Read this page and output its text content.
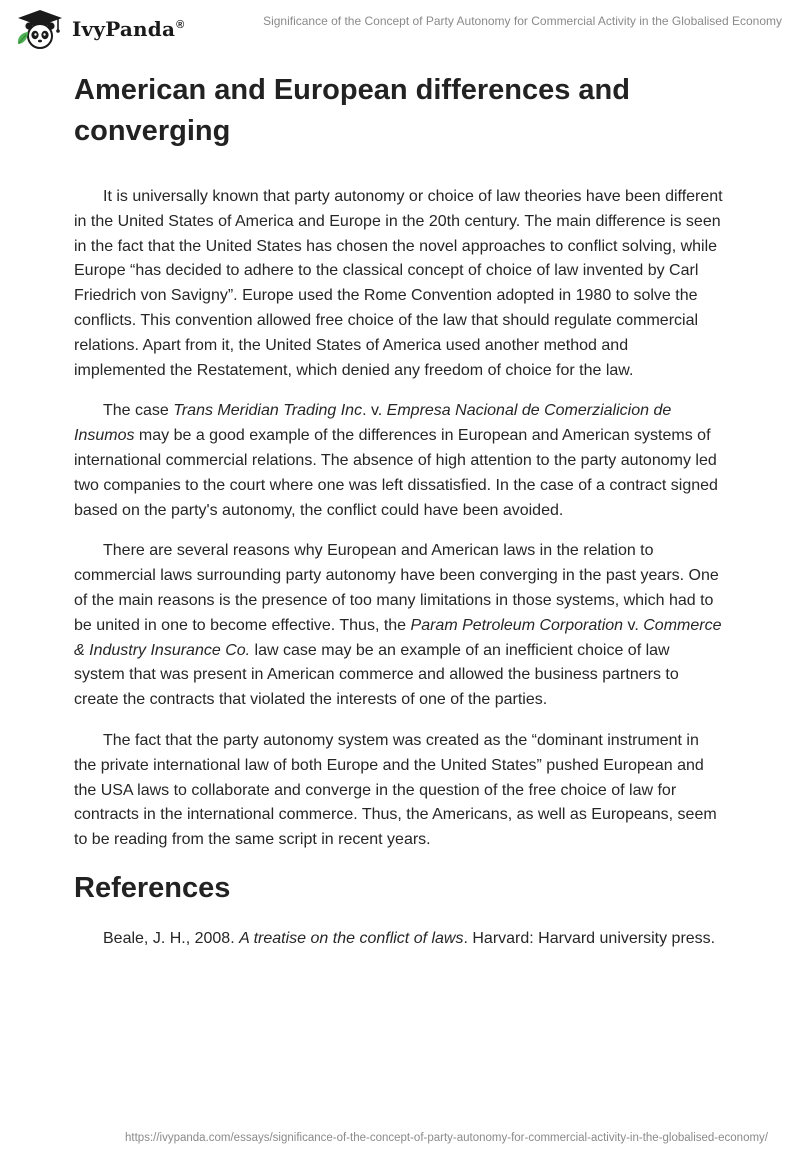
IvyPanda®	Significance of the Concept of Party Autonomy for Commercial Activity in the Globalised Economy
American and European differences and converging

It is universally known that party autonomy or choice of law theories have been different in the United States of America and Europe in the 20th century. The main difference is seen in the fact that the United States has chosen the novel approaches to conflict solving, while Europe “has decided to adhere to the classical concept of choice of law invented by Carl Friedrich von Savigny”. Europe used the Rome Convention adopted in 1980 to solve the conflicts. This convention allowed free choice of the law that should regulate commercial relations. Apart from it, the United States of America used another method and implemented the Restatement, which denied any freedom of choice for the law.

The case Trans Meridian Trading Inc. v. Empresa Nacional de Comerzialicion de Insumos may be a good example of the differences in European and American systems of international commercial relations. The absence of high attention to the party autonomy led two companies to the court where one was left dissatisfied. In the case of a contract signed based on the party's autonomy, the conflict could have been avoided.

There are several reasons why European and American laws in the relation to commercial laws surrounding party autonomy have been converging in the past years. One of the main reasons is the presence of too many limitations in those systems, which had to be united in one to become effective. Thus, the Param Petroleum Corporation v. Commerce & Industry Insurance Co. law case may be an example of an inefficient choice of law system that was present in American commerce and allowed the business partners to create the contracts that violated the interests of one of the parties.

The fact that the party autonomy system was created as the “dominant instrument in the private international law of both Europe and the United States” pushed European and the USA laws to collaborate and converge in the question of the free choice of law for contracts in the international commerce. Thus, the Americans, as well as Europeans, seem to be reading from the same script in recent years.

References

Beale, J. H., 2008. A treatise on the conflict of laws. Harvard: Harvard university press.

https://ivypanda.com/essays/significance-of-the-concept-of-party-autonomy-for-commercial-activity-in-the-globalised-economy/
